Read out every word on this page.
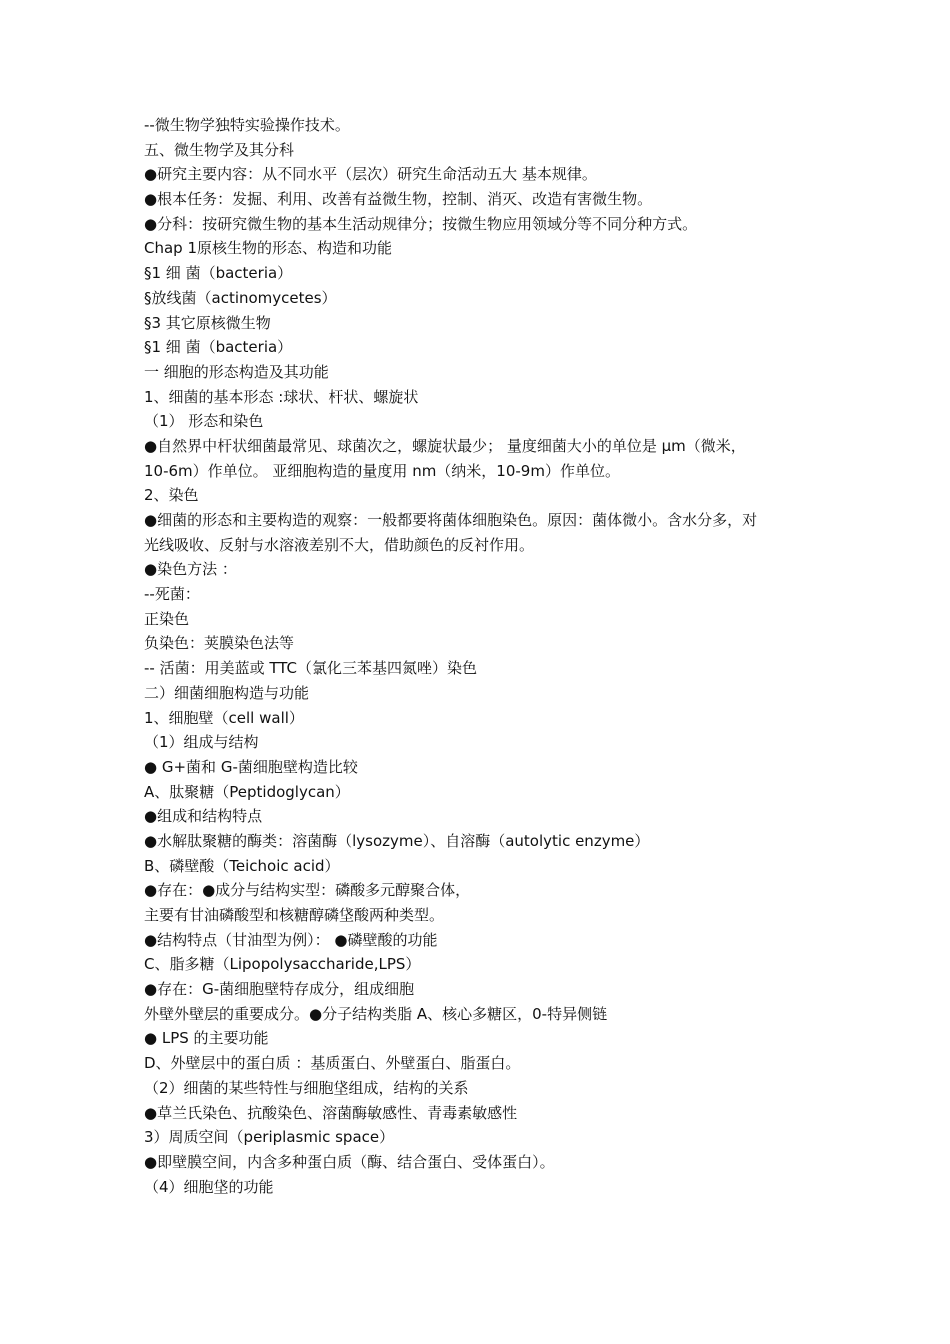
--微生物学独特实验操作技术。
五、微生物学及其分科
●研究主要内容：从不同水平（层次）研究生命活动五大 基本规律。
●根本任务：发掘、利用、改善有益微生物，控制、消灭、改造有害微生物。
●分科：按研究微生物的基本生活动规律分；按微生物应用领域分等不同分种方式。
Chap 1原核生物的形态、构造和功能
§1 细 菌（bacteria）
§放线菌（actinomycetes）
§3 其它原核微生物
§1 细 菌（bacteria）
一 细胞的形态构造及其功能
1、细菌的基本形态 :球状、杆状、螺旋状
（1） 形态和染色
●自然界中杆状细菌最常见、球菌次之，螺旋状最少； 量度细菌大小的单位是 μm（微米，
10-6m）作单位。 亚细胞构造的量度用 nm（纳米，10-9m）作单位。
2、染色
●细菌的形态和主要构造的观察：一般都要将菌体细胞染色。原因：菌体微小。含水分多，对
光线吸收、反射与水溶液差别不大，借助颜色的反衬作用。
●染色方法 ：
--死菌：
正染色
负染色：荚膜染色法等
-- 活菌：用美蓝或 TTC（氯化三苯基四氮唑）染色
二）细菌细胞构造与功能
1、细胞壁（cell wall）
（1）组成与结构
● G+菌和 G-菌细胞壁构造比较
A、肽聚糖（Peptidoglycan）
●组成和结构特点
●水解肽聚糖的酶类：溶菌酶（lysozyme）、自溶酶（autolytic enzyme）
B、磷壁酸（Teichoic acid）
●存在：●成分与结构实型：磷酸多元醇聚合体，
主要有甘油磷酸型和核糖醇磷垡酸两种类型。
●结构特点（甘油型为例）： ●磷壁酸的功能
C、脂多糖（Lipopolysaccharide,LPS）
●存在：G-菌细胞壁特存成分，组成细胞
外壁外壁层的重要成分。●分子结构类脂 A、核心多糖区，0-特异侧链
● LPS 的主要功能
D、外壁层中的蛋白质 ：基质蛋白、外壁蛋白、脂蛋白。
（2）细菌的某些特性与细胞垡组成，结构的关系
●草兰氏染色、抗酸染色、溶菌酶敏感性、青毒素敏感性
3）周质空间（periplasmic space）
●即壁膜空间，内含多种蛋白质（酶、结合蛋白、受体蛋白）。
（4）细胞垡的功能
